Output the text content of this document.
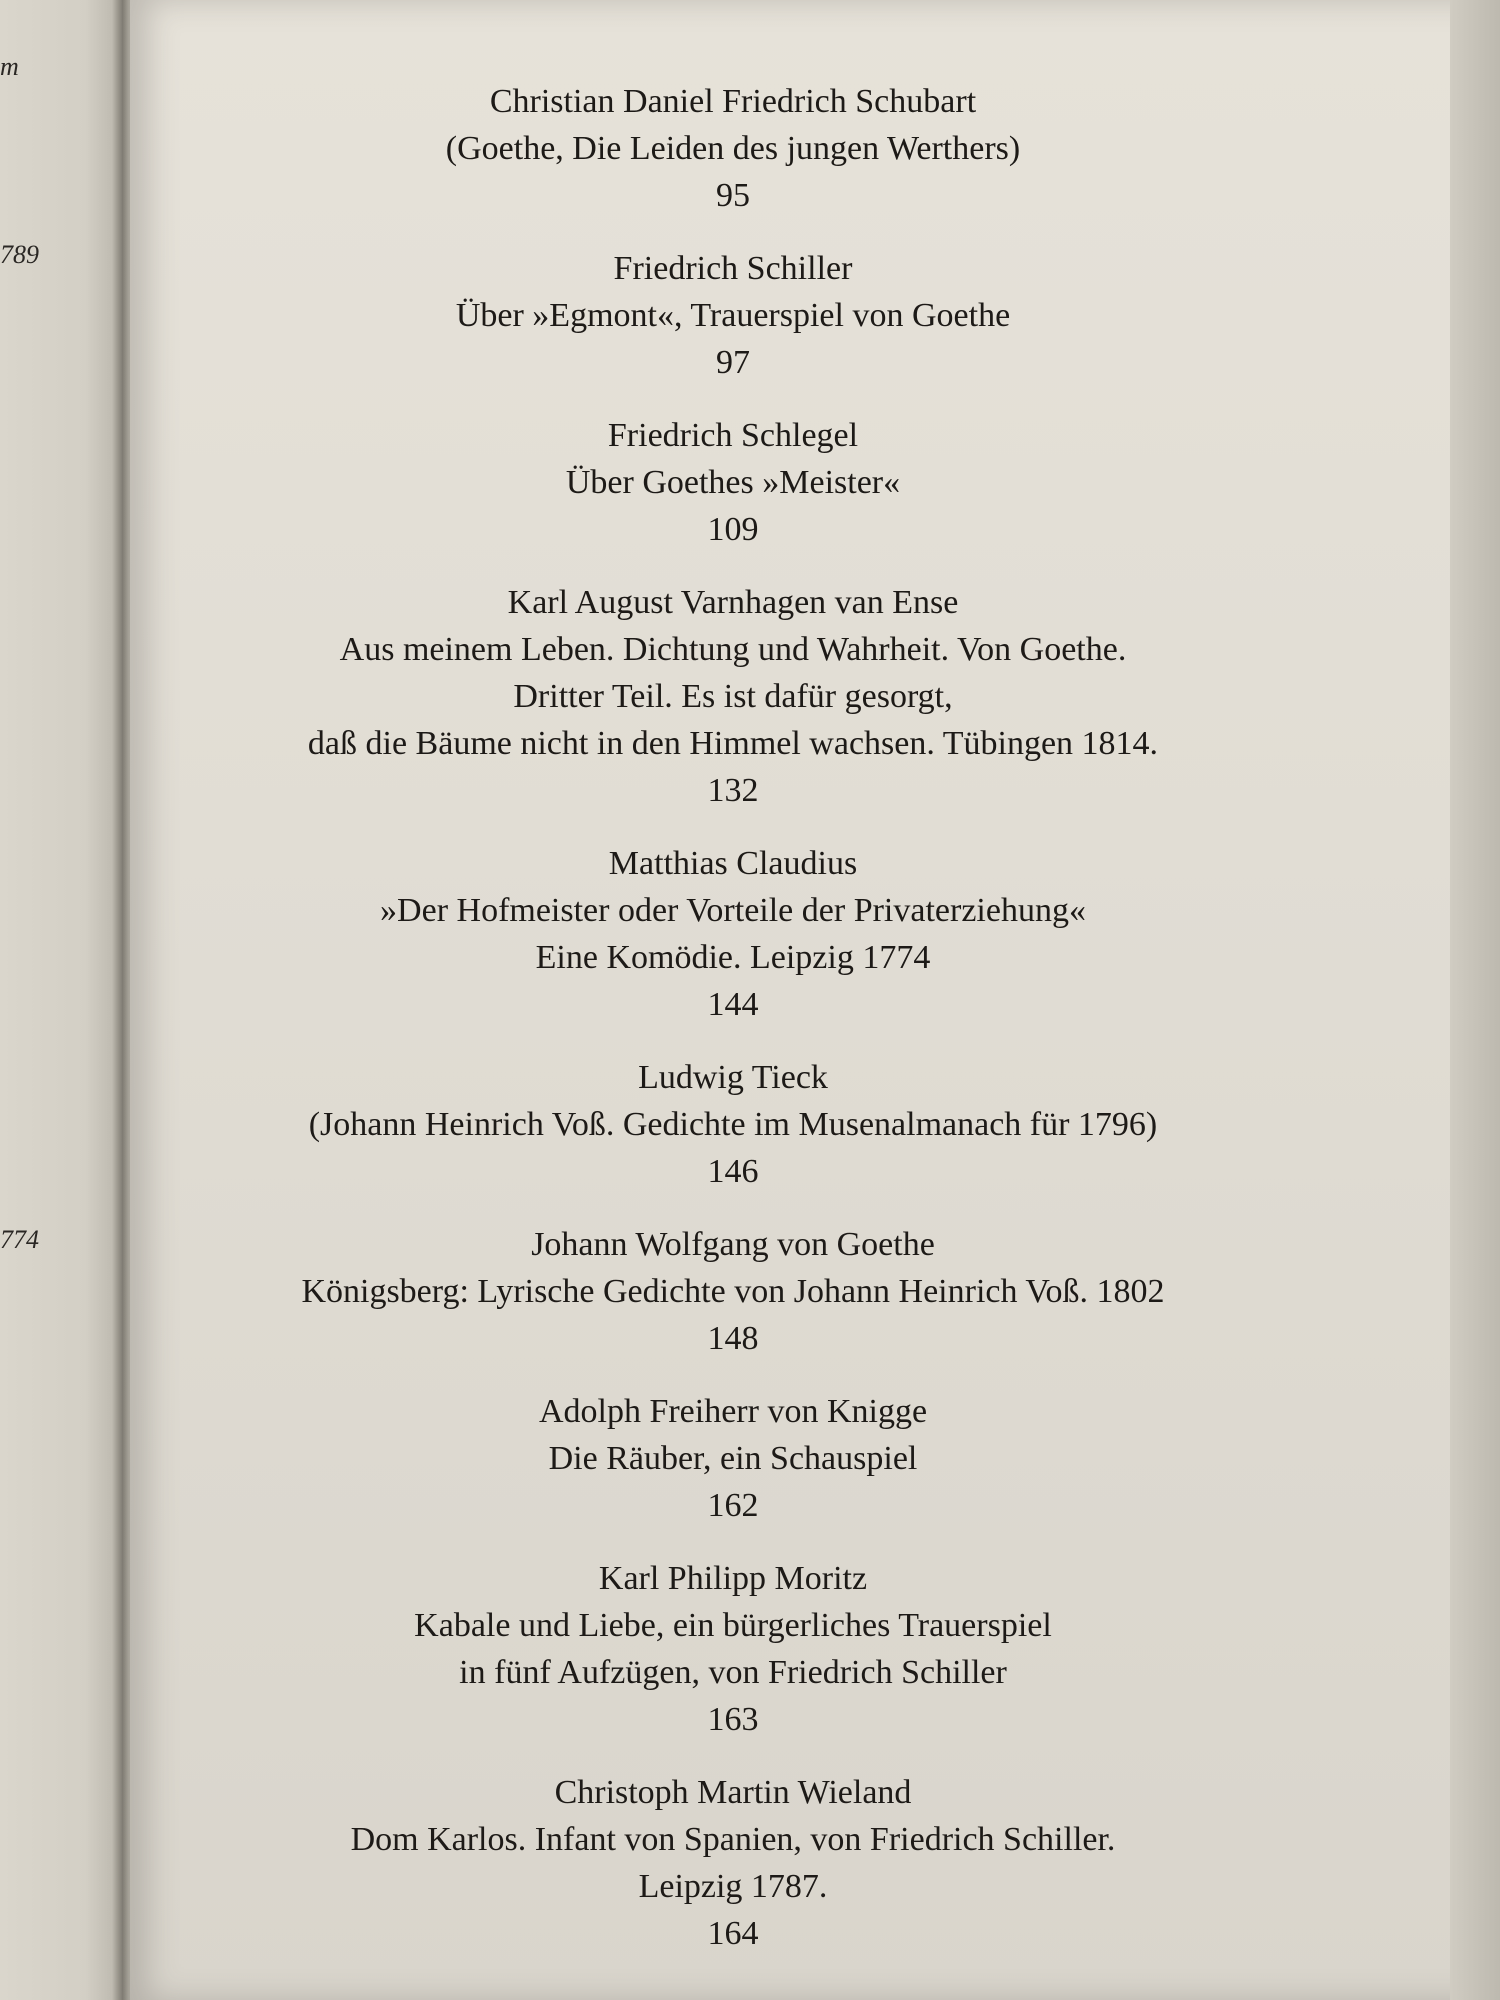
m
789
774
Christian Daniel Friedrich Schubart
(Goethe, Die Leiden des jungen Werthers)
95
Friedrich Schiller
Über »Egmont«, Trauerspiel von Goethe
97
Friedrich Schlegel
Über Goethes »Meister«
109
Karl August Varnhagen van Ense
Aus meinem Leben. Dichtung und Wahrheit. Von Goethe.
Dritter Teil. Es ist dafür gesorgt,
daß die Bäume nicht in den Himmel wachsen. Tübingen 1814.
132
Matthias Claudius
»Der Hofmeister oder Vorteile der Privaterziehung«
Eine Komödie. Leipzig 1774
144
Ludwig Tieck
(Johann Heinrich Voß. Gedichte im Musenalmanach für 1796)
146
Johann Wolfgang von Goethe
Königsberg: Lyrische Gedichte von Johann Heinrich Voß. 1802
148
Adolph Freiherr von Knigge
Die Räuber, ein Schauspiel
162
Karl Philipp Moritz
Kabale und Liebe, ein bürgerliches Trauerspiel
in fünf Aufzügen, von Friedrich Schiller
163
Christoph Martin Wieland
Dom Karlos. Infant von Spanien, von Friedrich Schiller.
Leipzig 1787.
164
